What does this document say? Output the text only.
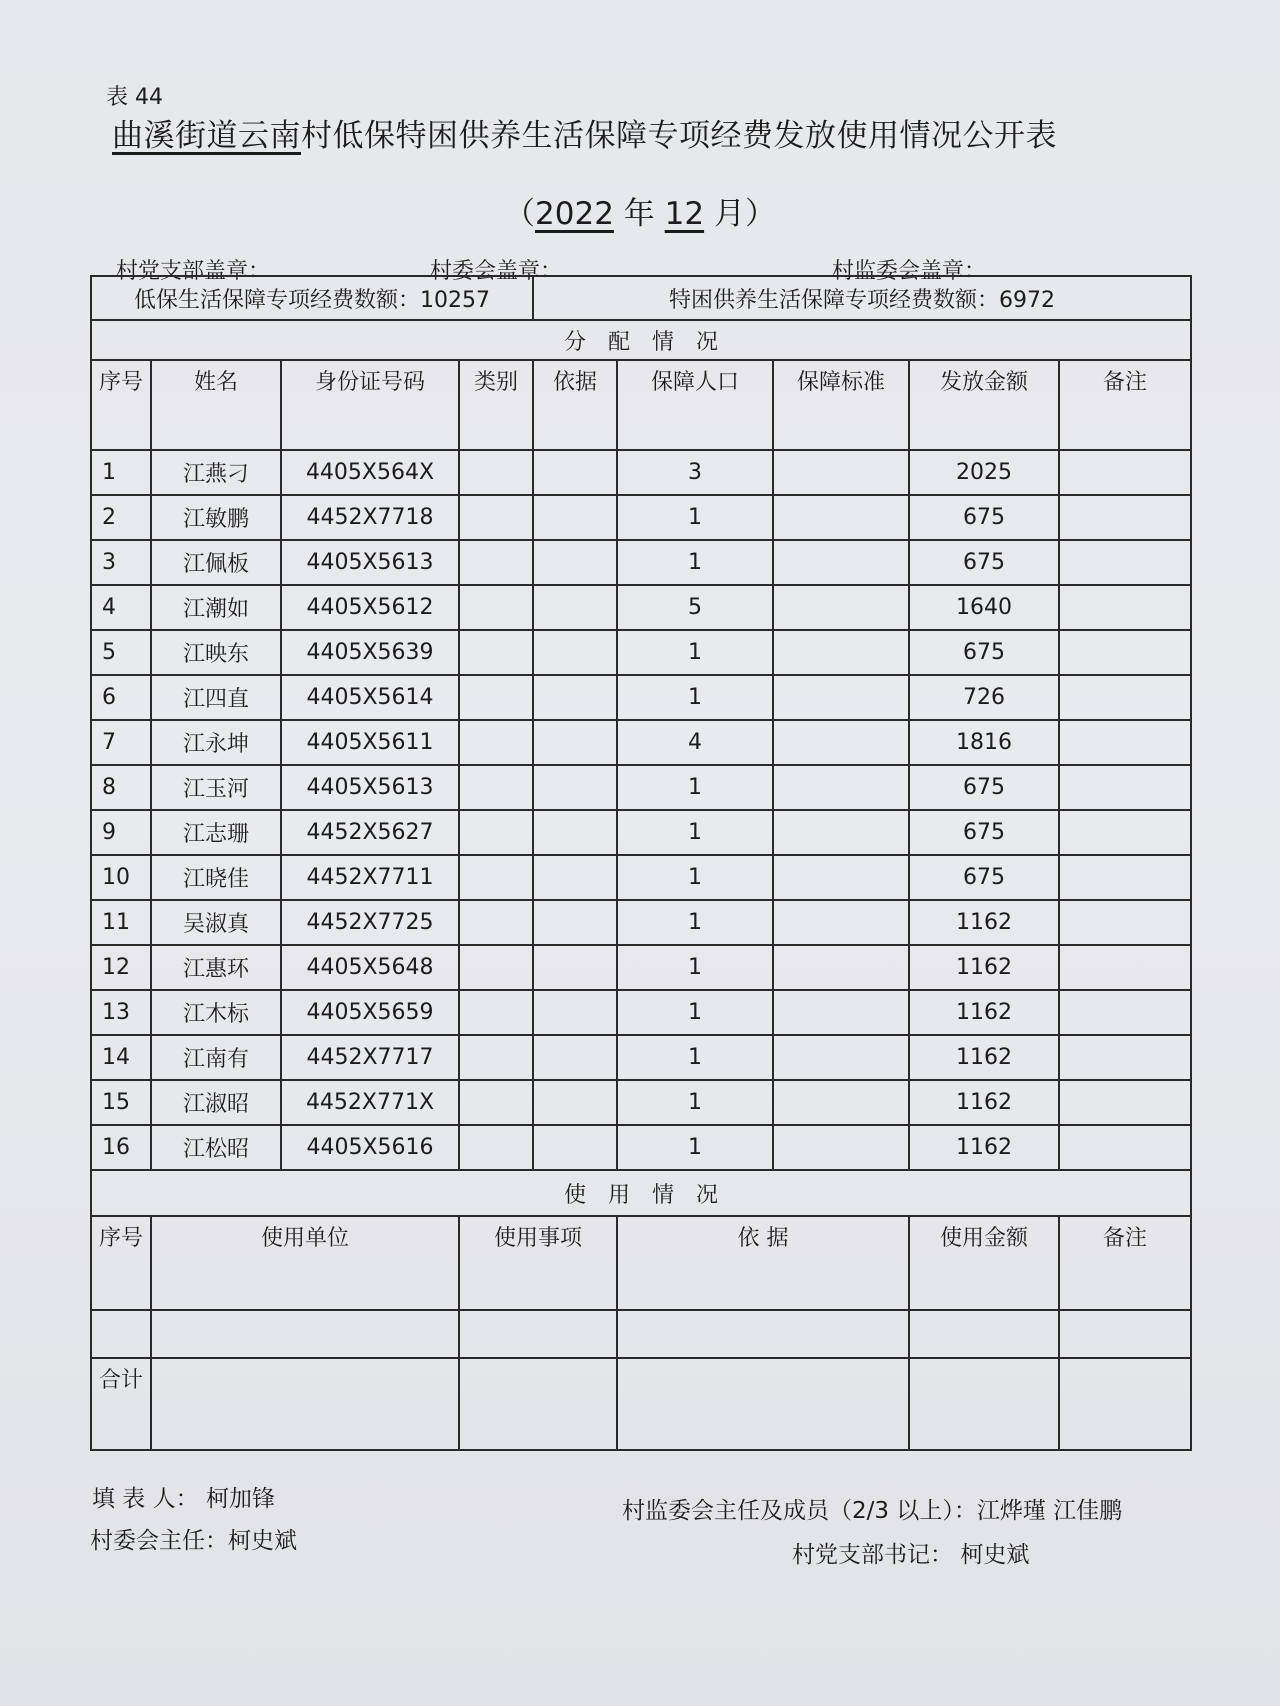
表 44
曲溪街道云南村低保特困供养生活保障专项经费发放使用情况公开表
（2022 年 12 月）
村党支部盖章：	村委会盖章：	村监委会盖章：
低保生活保障专项经费数额：10257				特困供养生活保障专项经费数额：6972				
分配情况								
序号	姓名	身份证号码	类别	依据	保障人口	保障标准	发放金额	备注
1	江燕刁	4405X564X			3		2025	
2	江敏鹏	4452X7718			1		675	
3	江佩板	4405X5613			1		675	
4	江潮如	4405X5612			5		1640	
5	江映东	4405X5639			1		675	
6	江四直	4405X5614			1		726	
7	江永坤	4405X5611			4		1816	
8	江玉河	4405X5613			1		675	
9	江志珊	4452X5627			1		675	
10	江晓佳	4452X7711			1		675	
11	吴淑真	4452X7725			1		1162	
12	江惠环	4405X5648			1		1162	
13	江木标	4405X5659			1		1162	
14	江南有	4452X7717			1		1162	
15	江淑昭	4452X771X			1		1162	
16	江松昭	4405X5616			1		1162	
使用情况								
序号	使用单位		使用事项		依 据		使用金额	备注

合计								
填 表 人： 柯加锋
村委会主任：柯史斌
村监委会主任及成员（2/3 以上）：江烨瑾 江佳鹏
村党支部书记： 柯史斌
